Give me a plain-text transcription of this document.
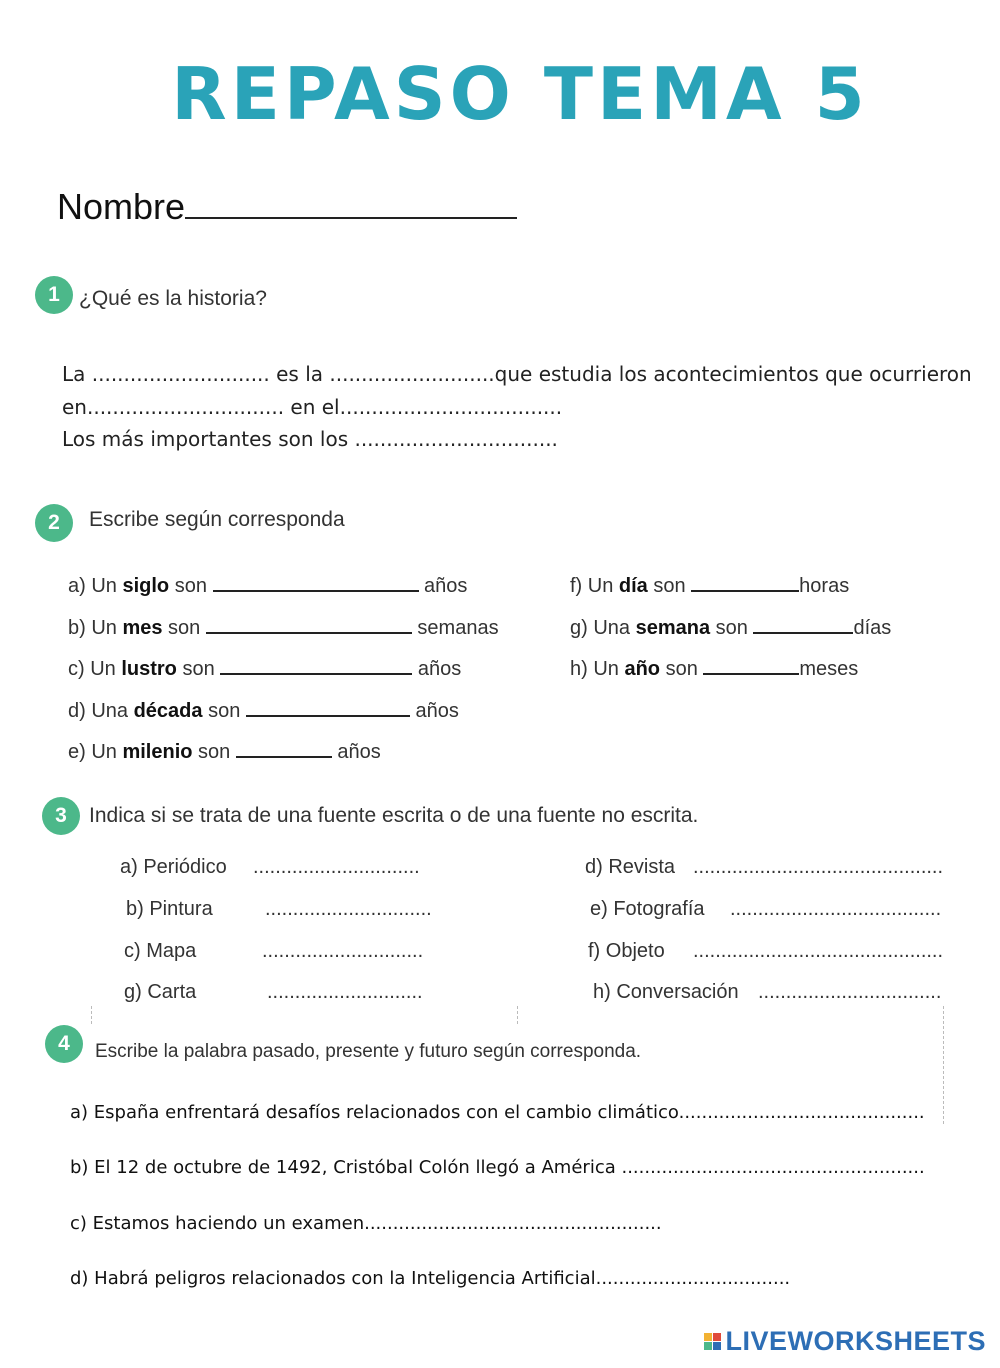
REPASO TEMA 5
Nombre
1 ¿Qué es la historia?
La ............................ es la ..........................que estudia los acontecimientos que ocurrieron
en............................... en el...................................
Los más importantes son los ................................
2	Escribe según corresponda
a) Un siglo son	años
b) Un mes son	semanas
c) Un lustro son	años
d) Una década son	años
e) Un milenio son	años
f) Un día son	horas
g) Una semana son	días
h) Un año son	meses
3	Indica si se trata de una fuente escrita o de una fuente no escrita.
a) Periódico ..............................
b) Pintura	..............................
c) Mapa	.............................
g) Carta	............................
d) Revista .............................................
e) Fotografía ......................................
f) Objeto .............................................
h) Conversación .................................
4	Escribe la palabra pasado, presente y futuro según corresponda.
a) España enfrentará desafíos relacionados con el cambio climático...........................................
b) El 12 de octubre de 1492, Cristóbal Colón llegó a América .....................................................
c) Estamos haciendo un examen....................................................
d) Habrá peligros relacionados con la Inteligencia Artificial..................................
LIVEWORKSHEETS
